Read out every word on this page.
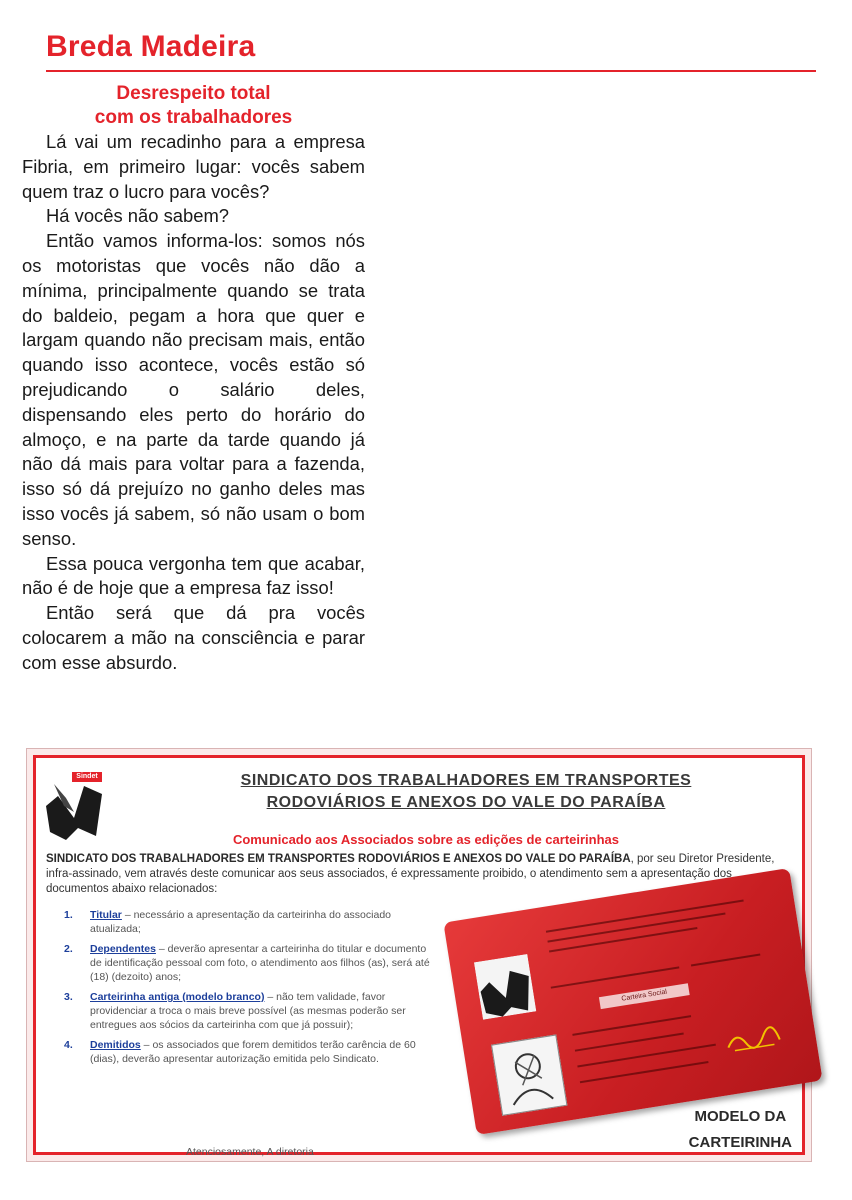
Breda Madeira
Desrespeito total
com os trabalhadores

Lá vai um recadinho para a empresa Fibria, em primeiro lugar: vocês sabem quem traz o lucro para vocês?

Há vocês não sabem?

Então vamos informa-los: somos nós os motoristas que vocês não dão a mínima, principalmente quando se trata do baldeio, pegam a hora que quer e largam quando não precisam mais, então quando isso acontece, vocês estão só prejudicando o salário deles, dispensando eles perto do horário do almoço, e na parte da tarde quando já não dá mais para voltar para a fazenda, isso só dá prejuízo no ganho deles mas isso vocês já sabem, só não usam o bom senso.

Essa pouca vergonha tem que acabar, não é de hoje que a empresa faz isso!

Então será que dá pra vocês colocarem a mão na consciência e parar com esse absurdo.

Sindet	SINDICATO DOS TRABALHADORES EM TRANSPORTES
RODOVIÁRIOS E ANEXOS DO VALE DO PARAÍBA
Comunicado aos Associados sobre as edições de carteirinhas
SINDICATO DOS TRABALHADORES EM TRANSPORTES RODOVIÁRIOS E ANEXOS DO VALE DO PARAÍBA, por seu Diretor Presidente, infra-assinado, vem através deste comunicar aos seus associados, é expressamente proibido, o atendimento sem a apresentação dos documentos abaixo relacionados:
1. Titular – necessário a apresentação da carteirinha do associado atualizada;
2. Dependentes – deverão apresentar a carteirinha do titular e documento de identificação pessoal com foto, o atendimento aos filhos (as), será até (18) (dezoito) anos;
3. Carteirinha antiga (modelo branco) – não tem validade, favor providenciar a troca o mais breve possível (as mesmas poderão ser entregues aos sócios da carteirinha com que já possuir);
4. Demitidos – os associados que forem demitidos terão carência de 60 (dias), deverão apresentar autorização emitida pelo Sindicato.
Atenciosamente, A diretoria
Carteira Social
MODELO DA
CARTEIRINHA
